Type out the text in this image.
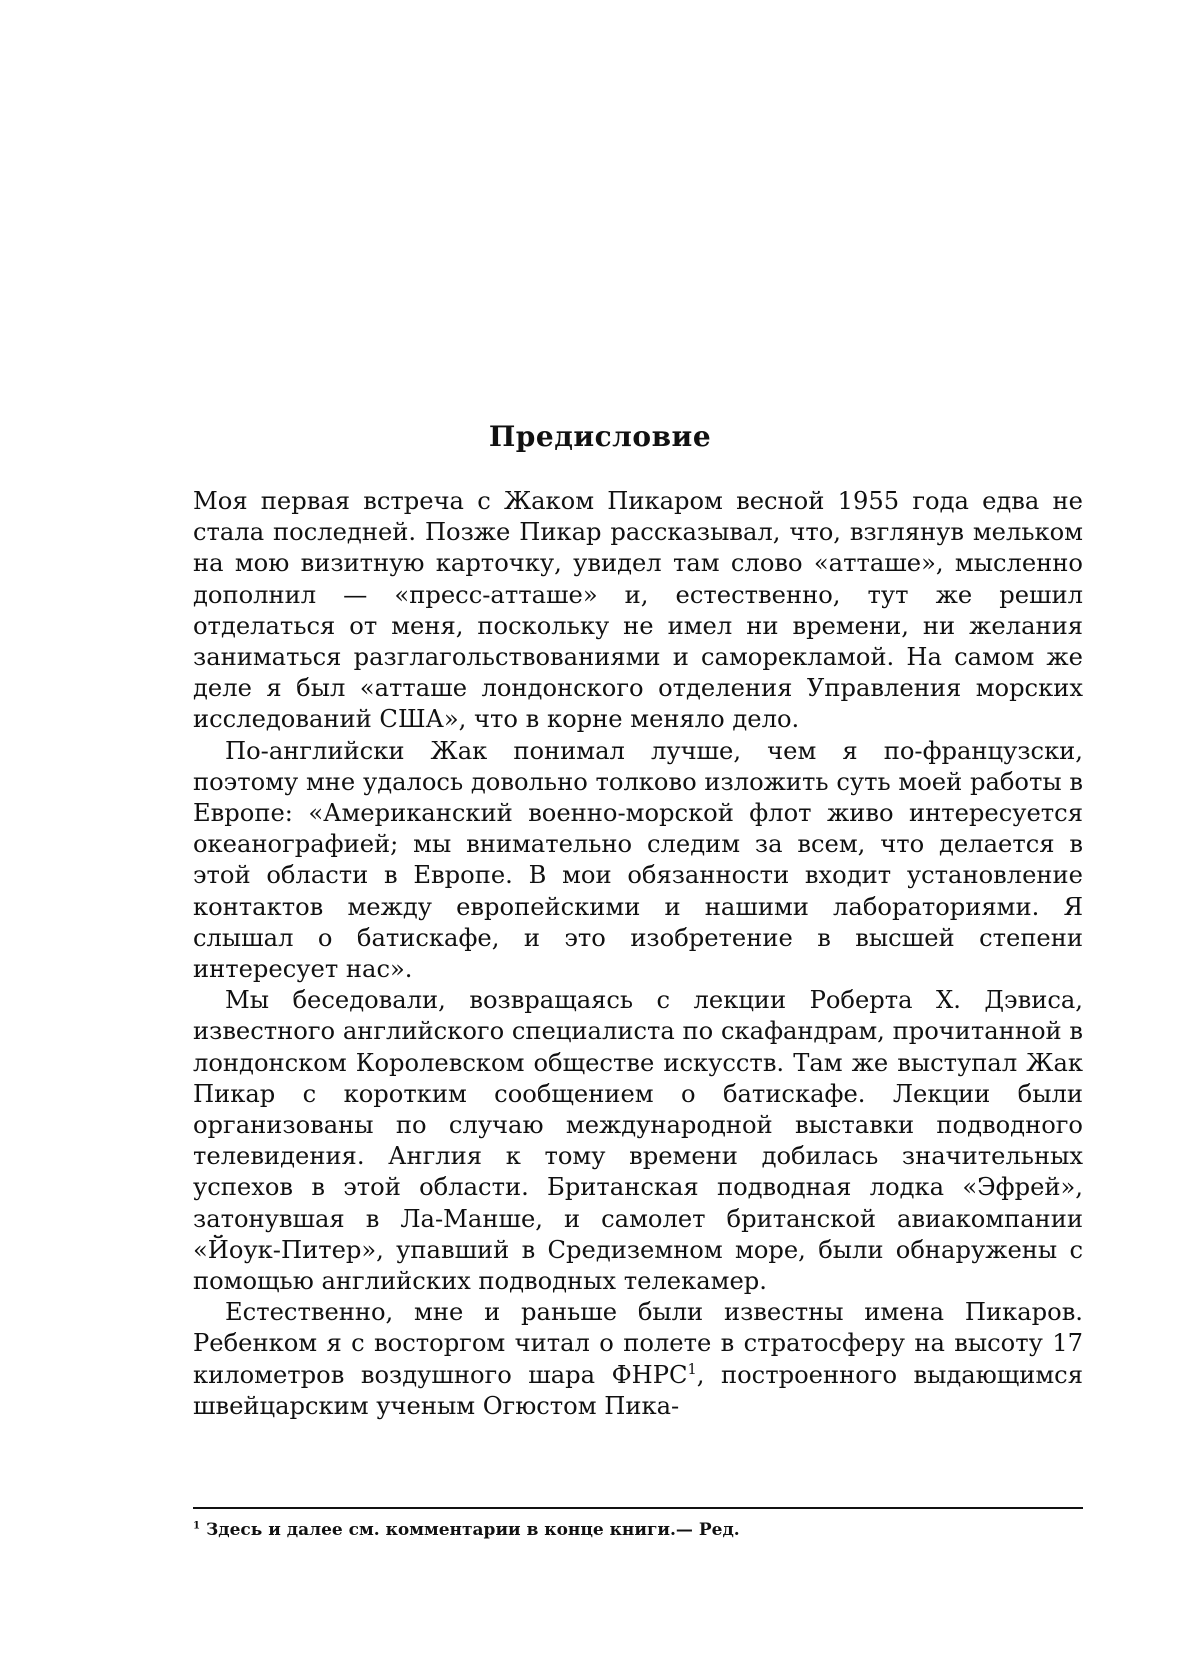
Предисловие

Моя первая встреча с Жаком Пикаром весной 1955 года едва не стала последней. Позже Пикар рассказывал, что, взглянув мельком на мою визитную карточку, увидел там слово «атташе», мысленно дополнил — «пресс-атташе» и, естественно, тут же решил отделаться от меня, поскольку не имел ни времени, ни желания заниматься разглагольствованиями и саморекламой. На самом же деле я был «атташе лондонского отделения Управления морских исследований США», что в корне меняло дело.

По-английски Жак понимал лучше, чем я по-французски, поэтому мне удалось довольно толково изложить суть моей работы в Европе: «Американский военно-морской флот живо интересуется океанографией; мы внимательно следим за всем, что делается в этой области в Европе. В мои обязанности входит установление контактов между европейскими и нашими лабораториями. Я слышал о батискафе, и это изобретение в высшей степени интересует нас».

Мы беседовали, возвращаясь с лекции Роберта Х. Дэвиса, известного английского специалиста по скафандрам, прочитанной в лондонском Королевском обществе искусств. Там же выступал Жак Пикар с коротким сообщением о батискафе. Лекции были организованы по случаю международной выставки подводного телевидения. Англия к тому времени добилась значительных успехов в этой области. Британская подводная лодка «Эфрей», затонувшая в Ла-Манше, и самолет британской авиакомпании «Йоук-Питер», упавший в Средиземном море, были обнаружены с помощью английских подводных телекамер.

Естественно, мне и раньше были известны имена Пикаров. Ребенком я с восторгом читал о полете в стратосферу на высоту 17 километров воздушного шара ФНРС$^1$, построенного выдающимся швейцарским ученым Огюстом Пика-

$^1$ Здесь и далее см. комментарии в конце книги.— Ред.
